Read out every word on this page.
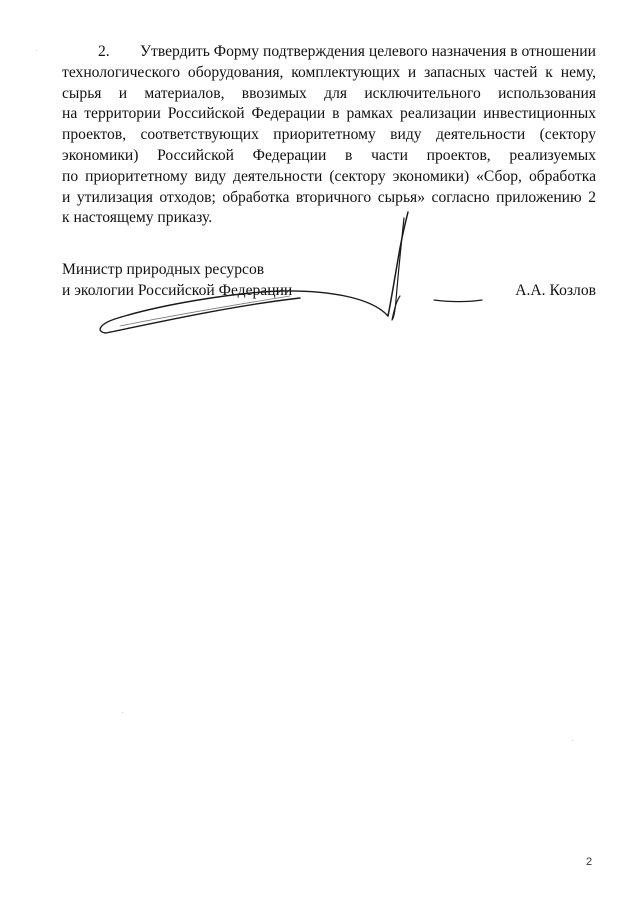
2. Утвердить Форму подтверждения целевого назначения в отношении
технологического оборудования, комплектующих и запасных частей к нему,
сырья и материалов, ввозимых для исключительного использования
на территории Российской Федерации в рамках реализации инвестиционных
проектов, соответствующих приоритетному виду деятельности (сектору
экономики) Российской Федерации в части проектов, реализуемых
по приоритетному виду деятельности (сектору экономики) «Сбор, обработка
и утилизация отходов; обработка вторичного сырья» согласно приложению 2
к настоящему приказу.
Министр природных ресурсов
и экологии Российской Федерации	А.А. Козлов
2
